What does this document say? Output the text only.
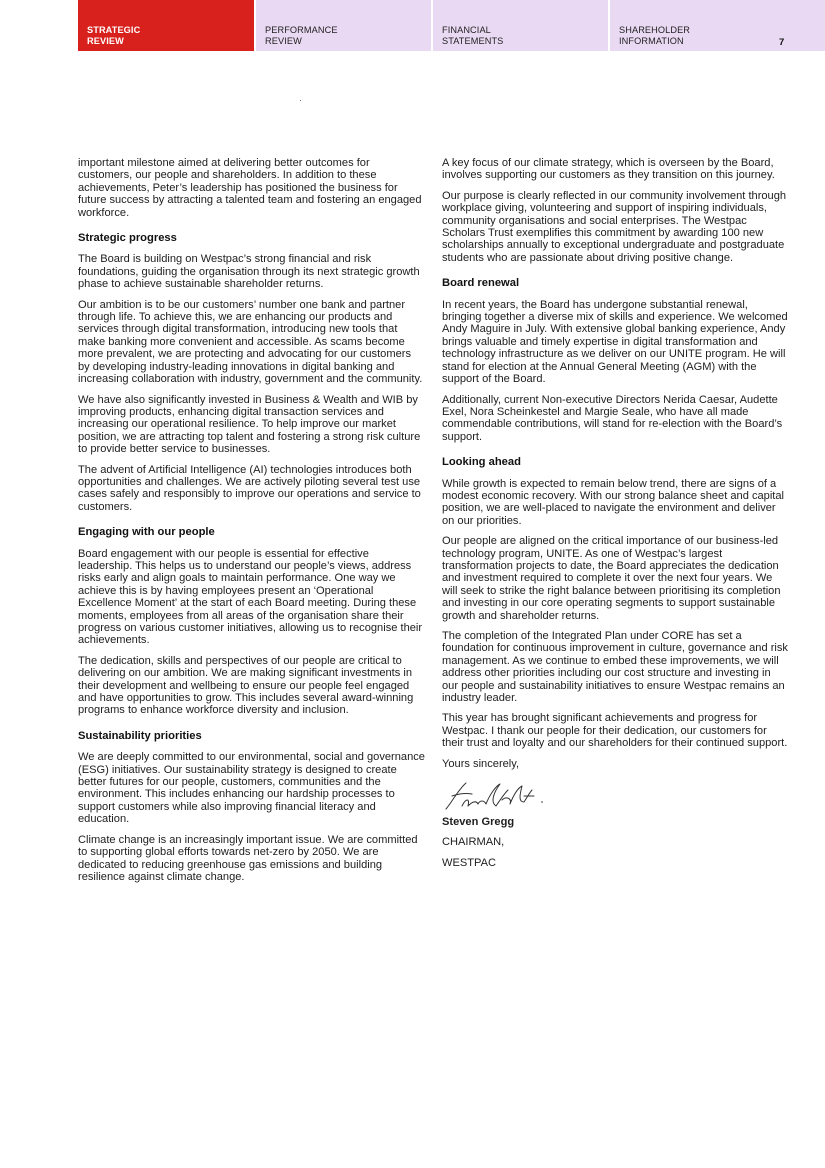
STRATEGIC
REVIEW
PERFORMANCE
REVIEW
FINANCIAL
STATEMENTS
SHAREHOLDER
INFORMATION	7

important milestone aimed at delivering better outcomes for customers, our people and shareholders. In addition to these achievements, Peter’s leadership has positioned the business for future success by attracting a talented team and fostering an engaged workforce.

Strategic progress

The Board is building on Westpac’s strong financial and risk foundations, guiding the organisation through its next strategic growth phase to achieve sustainable shareholder returns.

Our ambition is to be our customers’ number one bank and partner through life. To achieve this, we are enhancing our products and services through digital transformation, introducing new tools that make banking more convenient and accessible. As scams become more prevalent, we are protecting and advocating for our customers by developing industry-leading innovations in digital banking and increasing collaboration with industry, government and the community.

We have also significantly invested in Business & Wealth and WIB by improving products, enhancing digital transaction services and increasing our operational resilience. To help improve our market position, we are attracting top talent and fostering a strong risk culture to provide better service to businesses.

The advent of Artificial Intelligence (AI) technologies introduces both opportunities and challenges. We are actively piloting several test use cases safely and responsibly to improve our operations and service to customers.

Engaging with our people

Board engagement with our people is essential for effective leadership. This helps us to understand our people’s views, address risks early and align goals to maintain performance. One way we achieve this is by having employees present an ‘Operational Excellence Moment’ at the start of each Board meeting. During these moments, employees from all areas of the organisation share their progress on various customer initiatives, allowing us to recognise their achievements.

The dedication, skills and perspectives of our people are critical to delivering on our ambition. We are making significant investments in their development and wellbeing to ensure our people feel engaged and have opportunities to grow. This includes several award-winning programs to enhance workforce diversity and inclusion.

Sustainability priorities

We are deeply committed to our environmental, social and governance (ESG) initiatives. Our sustainability strategy is designed to create better futures for our people, customers, communities and the environment. This includes enhancing our hardship processes to support customers while also improving financial literacy and education.

Climate change is an increasingly important issue. We are committed to supporting global efforts towards net-zero by 2050. We are dedicated to reducing greenhouse gas emissions and building resilience against climate change.

A key focus of our climate strategy, which is overseen by the Board, involves supporting our customers as they transition on this journey.

Our purpose is clearly reflected in our community involvement through workplace giving, volunteering and support of inspiring individuals, community organisations and social enterprises. The Westpac Scholars Trust exemplifies this commitment by awarding 100 new scholarships annually to exceptional undergraduate and postgraduate students who are passionate about driving positive change.

Board renewal

In recent years, the Board has undergone substantial renewal, bringing together a diverse mix of skills and experience. We welcomed Andy Maguire in July. With extensive global banking experience, Andy brings valuable and timely expertise in digital transformation and technology infrastructure as we deliver on our UNITE program. He will stand for election at the Annual General Meeting (AGM) with the support of the Board.

Additionally, current Non-executive Directors Nerida Caesar, Audette Exel, Nora Scheinkestel and Margie Seale, who have all made commendable contributions, will stand for re-election with the Board’s support.

Looking ahead

While growth is expected to remain below trend, there are signs of a modest economic recovery. With our strong balance sheet and capital position, we are well-placed to navigate the environment and deliver on our priorities.

Our people are aligned on the critical importance of our business-led technology program, UNITE. As one of Westpac’s largest transformation projects to date, the Board appreciates the dedication and investment required to complete it over the next four years. We will seek to strike the right balance between prioritising its completion and investing in our core operating segments to support sustainable growth and shareholder returns.

The completion of the Integrated Plan under CORE has set a foundation for continuous improvement in culture, governance and risk management. As we continue to embed these improvements, we will address other priorities including our cost structure and investing in our people and sustainability initiatives to ensure Westpac remains an industry leader.

This year has brought significant achievements and progress for Westpac. I thank our people for their dedication, our customers for their trust and loyalty and our shareholders for their continued support.

Yours sincerely,

Steven Gregg

CHAIRMAN,

WESTPAC
